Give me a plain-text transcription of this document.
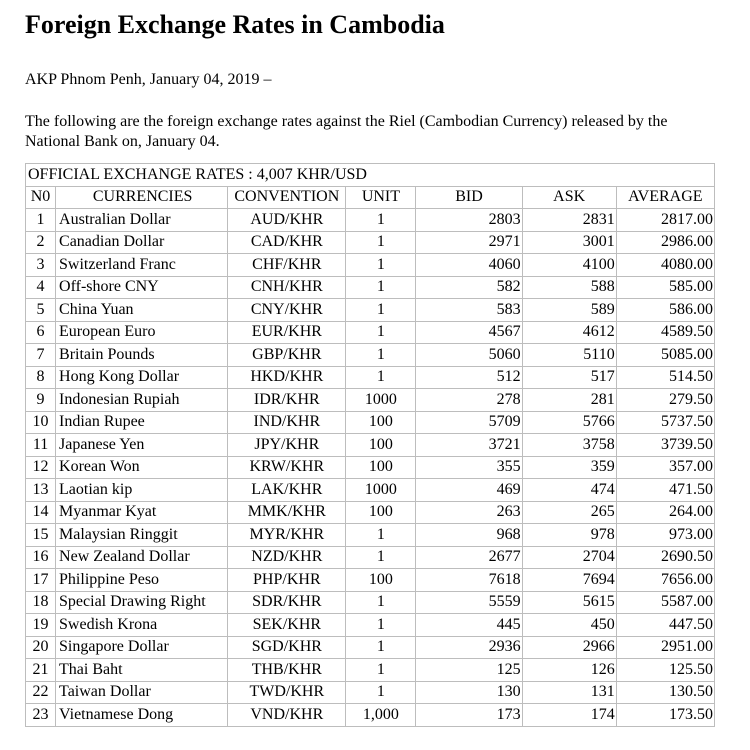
Foreign Exchange Rates in Cambodia
AKP Phnom Penh, January 04, 2019 –
The following are the foreign exchange rates against the Riel (Cambodian Currency) released by the National Bank on, January 04.
OFFICIAL EXCHANGE RATES : 4,007 KHR/USD						
N0	CURRENCIES	CONVENTION	UNIT	BID	ASK	AVERAGE
1	Australian Dollar	AUD/KHR	1	2803	2831	2817.00
2	Canadian Dollar	CAD/KHR	1	2971	3001	2986.00
3	Switzerland Franc	CHF/KHR	1	4060	4100	4080.00
4	Off-shore CNY	CNH/KHR	1	582	588	585.00
5	China Yuan	CNY/KHR	1	583	589	586.00
6	European Euro	EUR/KHR	1	4567	4612	4589.50
7	Britain Pounds	GBP/KHR	1	5060	5110	5085.00
8	Hong Kong Dollar	HKD/KHR	1	512	517	514.50
9	Indonesian Rupiah	IDR/KHR	1000	278	281	279.50
10	Indian Rupee	IND/KHR	100	5709	5766	5737.50
11	Japanese Yen	JPY/KHR	100	3721	3758	3739.50
12	Korean Won	KRW/KHR	100	355	359	357.00
13	Laotian kip	LAK/KHR	1000	469	474	471.50
14	Myanmar Kyat	MMK/KHR	100	263	265	264.00
15	Malaysian Ringgit	MYR/KHR	1	968	978	973.00
16	New Zealand Dollar	NZD/KHR	1	2677	2704	2690.50
17	Philippine Peso	PHP/KHR	100	7618	7694	7656.00
18	Special Drawing Right	SDR/KHR	1	5559	5615	5587.00
19	Swedish Krona	SEK/KHR	1	445	450	447.50
20	Singapore Dollar	SGD/KHR	1	2936	2966	2951.00
21	Thai Baht	THB/KHR	1	125	126	125.50
22	Taiwan Dollar	TWD/KHR	1	130	131	130.50
23	Vietnamese Dong	VND/KHR	1,000	173	174	173.50
